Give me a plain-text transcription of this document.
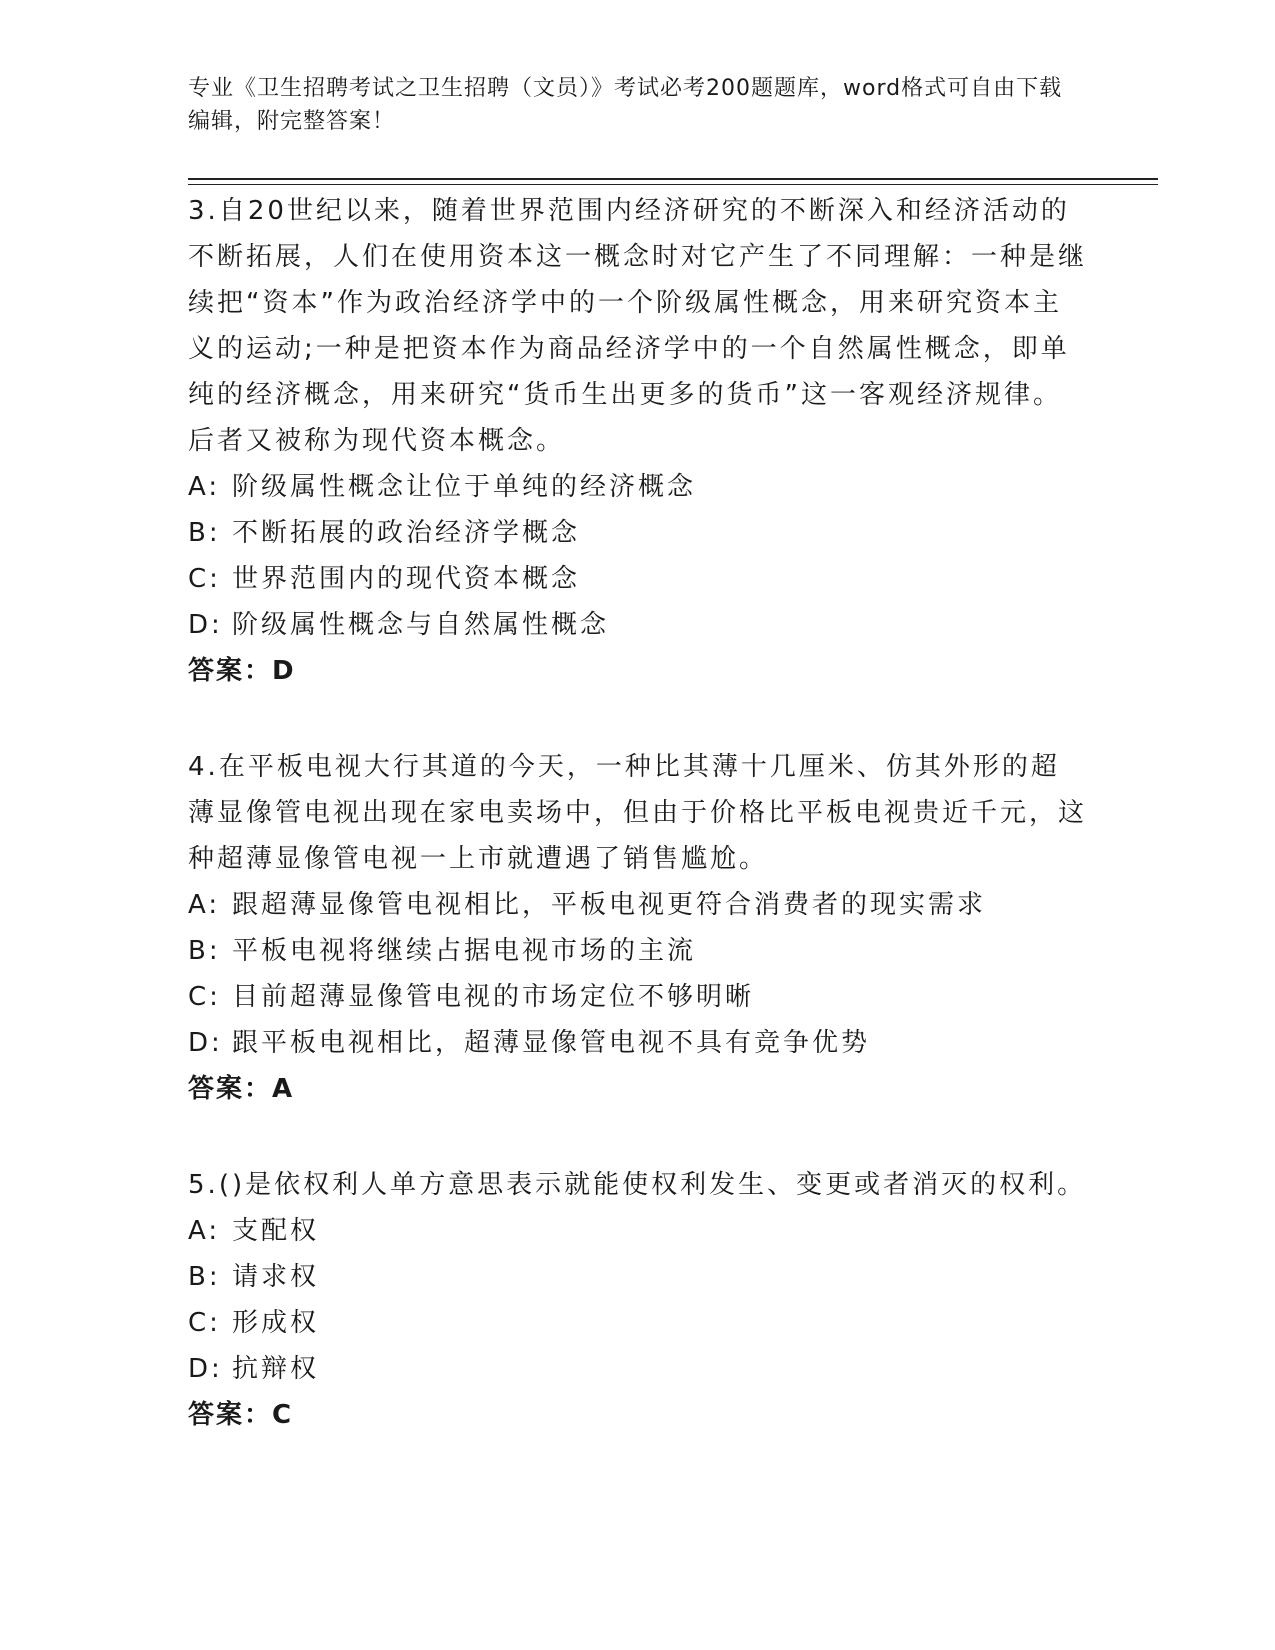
专业《卫生招聘考试之卫生招聘（文员）》考试必考200题题库，word格式可自由下载编辑，附完整答案！
3.自20世纪以来，随着世界范围内经济研究的不断深入和经济活动的不断拓展，人们在使用资本这一概念时对它产生了不同理解：一种是继续把“资本”作为政治经济学中的一个阶级属性概念，用来研究资本主义的运动;一种是把资本作为商品经济学中的一个自然属性概念，即单纯的经济概念，用来研究“货币生出更多的货币”这一客观经济规律。后者又被称为现代资本概念。
A: 阶级属性概念让位于单纯的经济概念
B: 不断拓展的政治经济学概念
C: 世界范围内的现代资本概念
D: 阶级属性概念与自然属性概念
答案：D
4.在平板电视大行其道的今天，一种比其薄十几厘米、仿其外形的超薄显像管电视出现在家电卖场中，但由于价格比平板电视贵近千元，这种超薄显像管电视一上市就遭遇了销售尴尬。
A: 跟超薄显像管电视相比，平板电视更符合消费者的现实需求
B: 平板电视将继续占据电视市场的主流
C: 目前超薄显像管电视的市场定位不够明晰
D: 跟平板电视相比，超薄显像管电视不具有竞争优势
答案：A
5.()是依权利人单方意思表示就能使权利发生、变更或者消灭的权利。
A: 支配权
B: 请求权
C: 形成权
D: 抗辩权
答案：C
